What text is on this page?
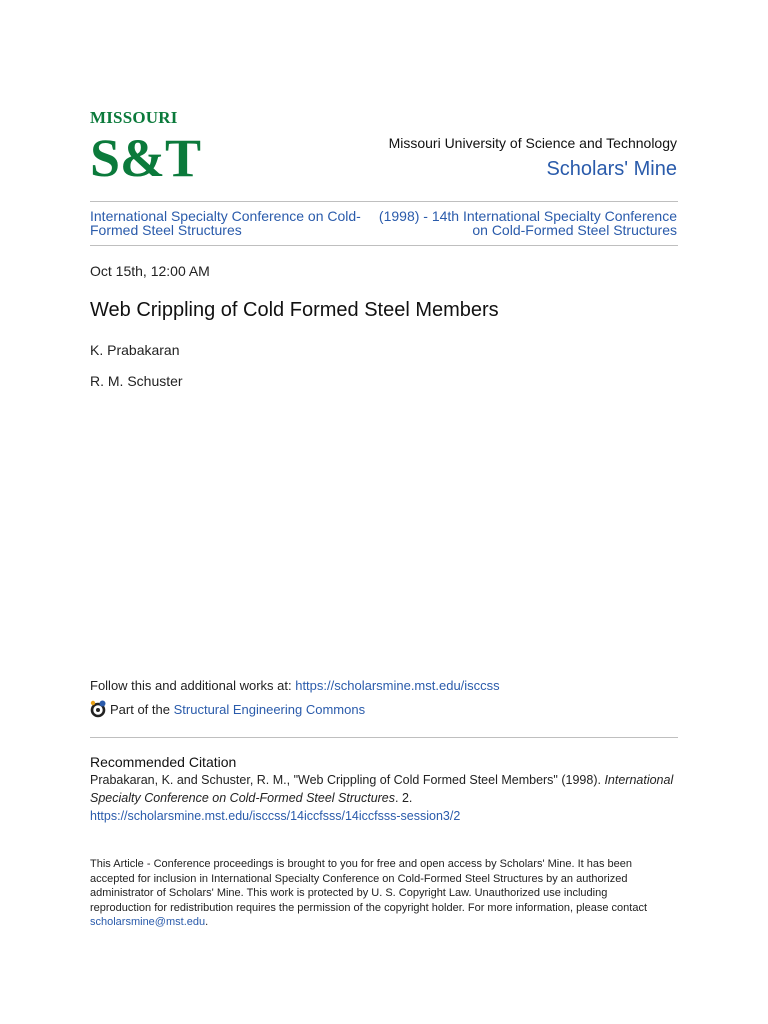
MISSOURI
S&T	Missouri University of Science and Technology
Scholars' Mine
International Specialty Conference on Cold-Formed Steel Structures
(1998) - 14th International Specialty Conference on Cold-Formed Steel Structures
Oct 15th, 12:00 AM
Web Crippling of Cold Formed Steel Members
K. Prabakaran
R. M. Schuster
Follow this and additional works at: https://scholarsmine.mst.edu/isccss
Part of the
Structural Engineering Commons
Recommended Citation
Prabakaran, K. and Schuster, R. M., "Web Crippling of Cold Formed Steel Members" (1998). International Specialty Conference on Cold-Formed Steel Structures. 2.
https://scholarsmine.mst.edu/isccss/14iccfsss/14iccfsss-session3/2
This Article - Conference proceedings is brought to you for free and open access by Scholars' Mine. It has been accepted for inclusion in International Specialty Conference on Cold-Formed Steel Structures by an authorized administrator of Scholars' Mine. This work is protected by U. S. Copyright Law. Unauthorized use including reproduction for redistribution requires the permission of the copyright holder. For more information, please contact scholarsmine@mst.edu.
